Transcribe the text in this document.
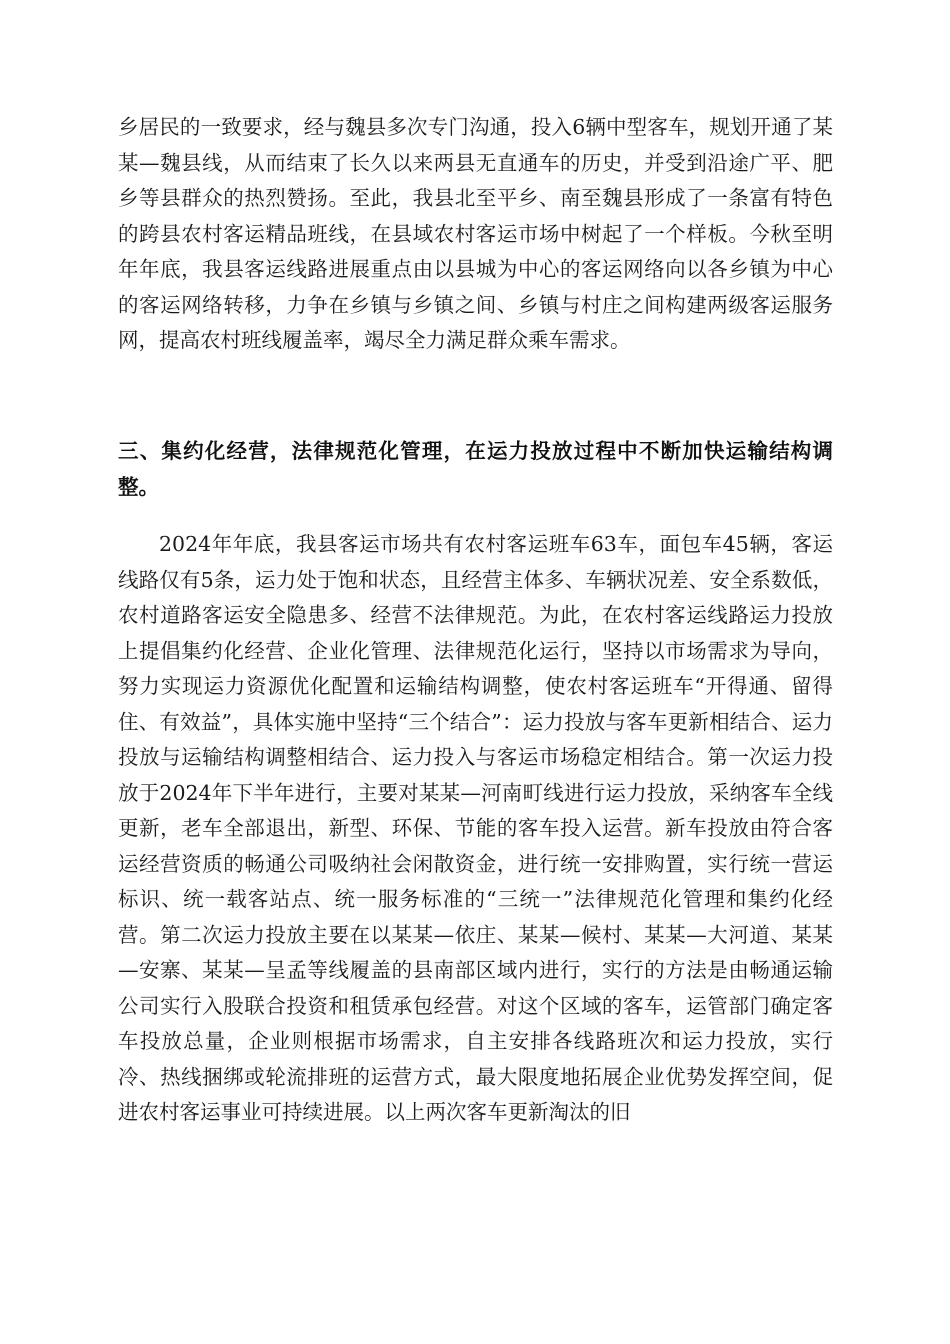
乡居民的一致要求，经与魏县多次专门沟通，投入6辆中型客车，规划开通了某某—魏县线，从而结束了长久以来两县无直通车的历史，并受到沿途广平、肥乡等县群众的热烈赞扬。至此，我县北至平乡、南至魏县形成了一条富有特色的跨县农村客运精品班线，在县域农村客运市场中树起了一个样板。今秋至明年年底，我县客运线路进展重点由以县城为中心的客运网络向以各乡镇为中心的客运网络转移，力争在乡镇与乡镇之间、乡镇与村庄之间构建两级客运服务网，提高农村班线履盖率，竭尽全力满足群众乘车需求。

三、集约化经营，法律规范化管理，在运力投放过程中不断加快运输结构调整。

2024年年底，我县客运市场共有农村客运班车63车，面包车45辆，客运线路仅有5条，运力处于饱和状态，且经营主体多、车辆状况差、安全系数低，农村道路客运安全隐患多、经营不法律规范。为此，在农村客运线路运力投放上提倡集约化经营、企业化管理、法律规范化运行，坚持以市场需求为导向，努力实现运力资源优化配置和运输结构调整，使农村客运班车“开得通、留得住、有效益”，具体实施中坚持“三个结合”：运力投放与客车更新相结合、运力投放与运输结构调整相结合、运力投入与客运市场稳定相结合。第一次运力投放于2024年下半年进行，主要对某某—河南町线进行运力投放，采纳客车全线更新，老车全部退出，新型、环保、节能的客车投入运营。新车投放由符合客运经营资质的畅通公司吸纳社会闲散资金，进行统一安排购置，实行统一营运标识、统一载客站点、统一服务标准的“三统一”法律规范化管理和集约化经营。第二次运力投放主要在以某某—依庄、某某—候村、某某—大河道、某某—安寨、某某—呈孟等线履盖的县南部区域内进行，实行的方法是由畅通运输公司实行入股联合投资和租赁承包经营。对这个区域的客车，运管部门确定客车投放总量，企业则根据市场需求，自主安排各线路班次和运力投放，实行冷、热线捆绑或轮流排班的运营方式，最大限度地拓展企业优势发挥空间，促进农村客运事业可持续进展。以上两次客车更新淘汰的旧
